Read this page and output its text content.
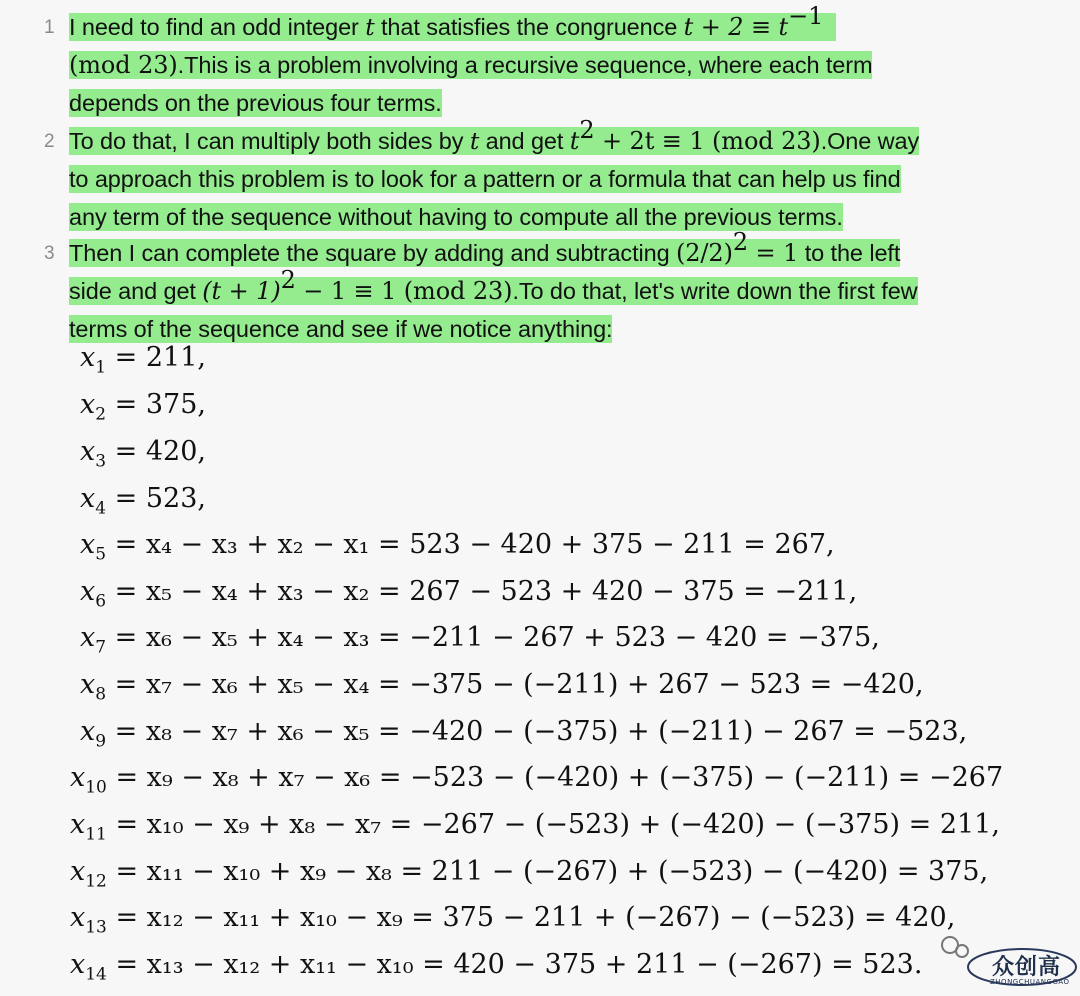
1 I need to find an odd integer t that satisfies the congruence $t + 2 \equiv t^{-1}$
(mod 23).This is a problem involving a recursive sequence, where each term
depends on the previous four terms.
2 To do that, I can multiply both sides by t and get $t^2 + 2t \equiv 1$ (mod 23).One way
to approach this problem is to look for a pattern or a formula that can help us find
any term of the sequence without having to compute all the previous terms.
3 Then I can complete the square by adding and subtracting $(2/2)^2 = 1$ to the left
side and get $(t + 1)^2 - 1 \equiv 1$ (mod 23).To do that, let's write down the first few
terms of the sequence and see if we notice anything:
$x_1 = 211$,
$x_2 = 375$,
$x_3 = 420$,
$x_4 = 523$,
$x_5 = x_4 - x_3 + x_2 - x_1 = 523 - 420 + 375 - 211 = 267$,
$x_6 = x_5 - x_4 + x_3 - x_2 = 267 - 523 + 420 - 375 = -211$,
$x_7 = x_6 - x_5 + x_4 - x_3 = -211 - 267 + 523 - 420 = -375$,
$x_8 = x_7 - x_6 + x_5 - x_4 = -375 - (-211) + 267 - 523 = -420$,
$x_9 = x_8 - x_7 + x_6 - x_5 = -420 - (-375) + (-211) - 267 = -523$,
$x_{10} = x_9 - x_8 + x_7 - x_6 = -523 - (-420) + (-375) - (-211) = -267$
$x_{11} = x_{10} - x_9 + x_8 - x_7 = -267 - (-523) + (-420) - (-375) = 211$,
$x_{12} = x_{11} - x_{10} + x_9 - x_8 = 211 - (-267) + (-523) - (-420) = 375$,
$x_{13} = x_{12} - x_{11} + x_{10} - x_9 = 375 - 211 + (-267) - (-523) = 420$,
$x_{14} = x_{13} - x_{12} + x_{11} - x_{10} = 420 - 375 + 211 - (-267) = 523$.	众创高
ZHONGCHUANGGAO
